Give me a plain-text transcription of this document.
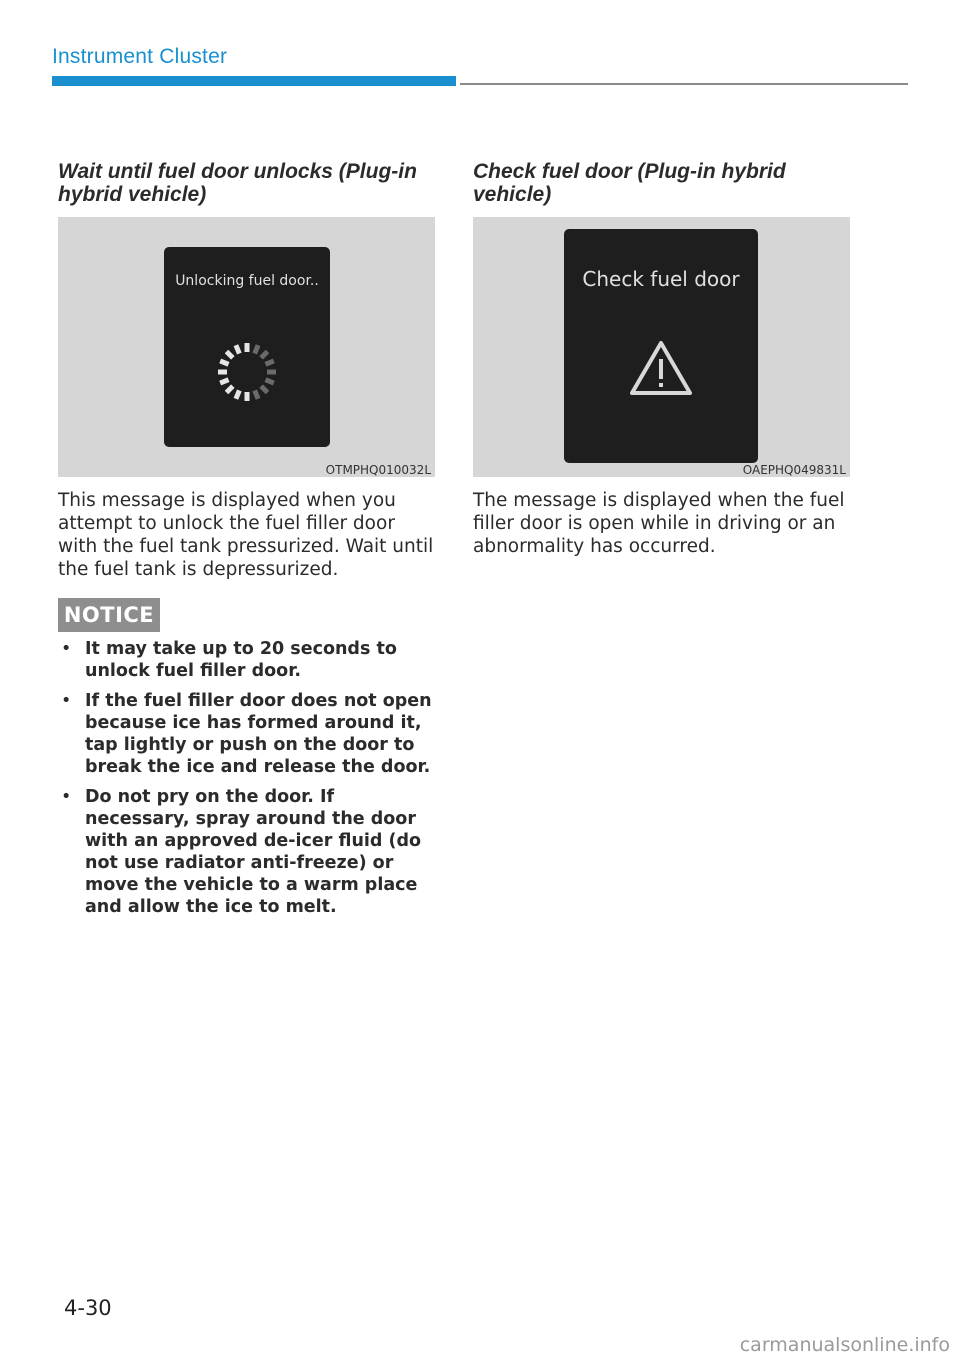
Instrument Cluster
Wait until fuel door unlocks (Plug-in hybrid vehicle)
Unlocking fuel door..
OTMPHQ010032L

This message is displayed when you attempt to unlock the fuel filler door with the fuel tank pressurized. Wait until the fuel tank is depressurized.

Check fuel door (Plug-in hybrid vehicle)
Check fuel door
OAEPHQ049831L

The message is displayed when the fuel filler door is open while in driving or an abnormality has occurred.

NOTICE
• It may take up to 20 seconds to unlock fuel filler door.
• If the fuel filler door does not open because ice has formed around it, tap lightly or push on the door to break the ice and release the door.
• Do not pry on the door. If necessary, spray around the door with an approved de-icer fluid (do not use radiator anti-freeze) or move the vehicle to a warm place and allow the ice to melt.
4-30
carmanualsonline.info
